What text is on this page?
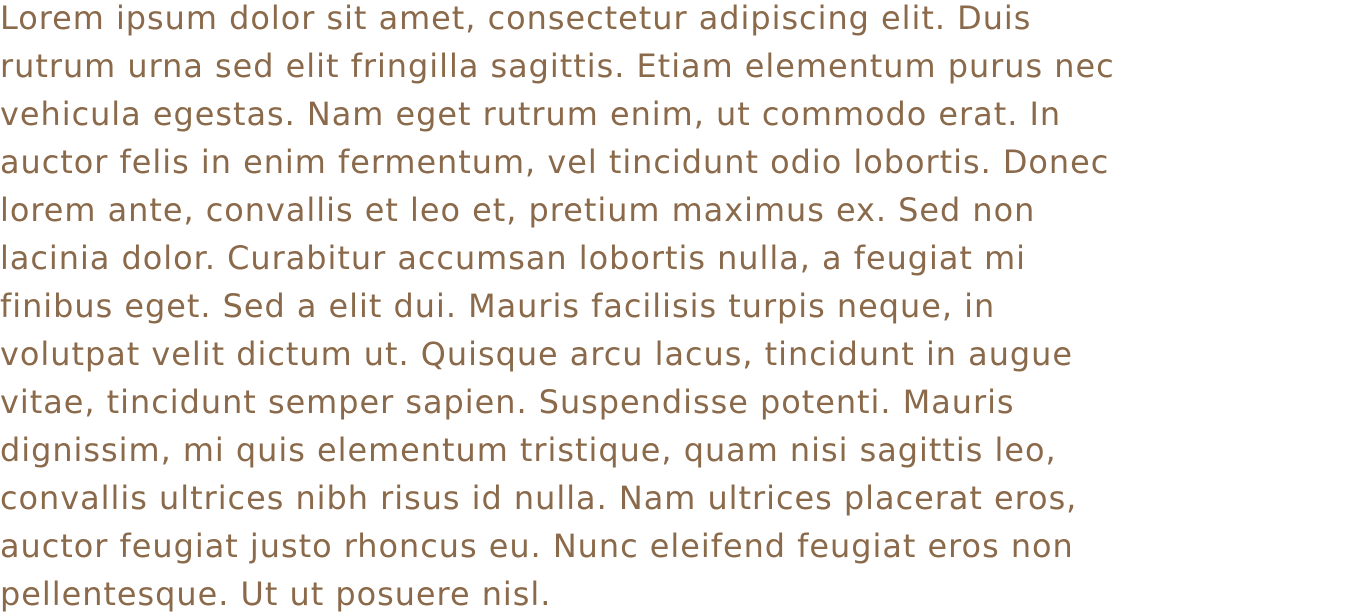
Lorem ipsum dolor sit amet, consectetur adipiscing elit. Duis
rutrum urna sed elit fringilla sagittis. Etiam elementum purus nec
vehicula egestas. Nam eget rutrum enim, ut commodo erat. In
auctor felis in enim fermentum, vel tincidunt odio lobortis. Donec
lorem ante, convallis et leo et, pretium maximus ex. Sed non
lacinia dolor. Curabitur accumsan lobortis nulla, a feugiat mi
finibus eget. Sed a elit dui. Mauris facilisis turpis neque, in
volutpat velit dictum ut. Quisque arcu lacus, tincidunt in augue
vitae, tincidunt semper sapien. Suspendisse potenti. Mauris
dignissim, mi quis elementum tristique, quam nisi sagittis leo,
convallis ultrices nibh risus id nulla. Nam ultrices placerat eros,
auctor feugiat justo rhoncus eu. Nunc eleifend feugiat eros non
pellentesque. Ut ut posuere nisl.
